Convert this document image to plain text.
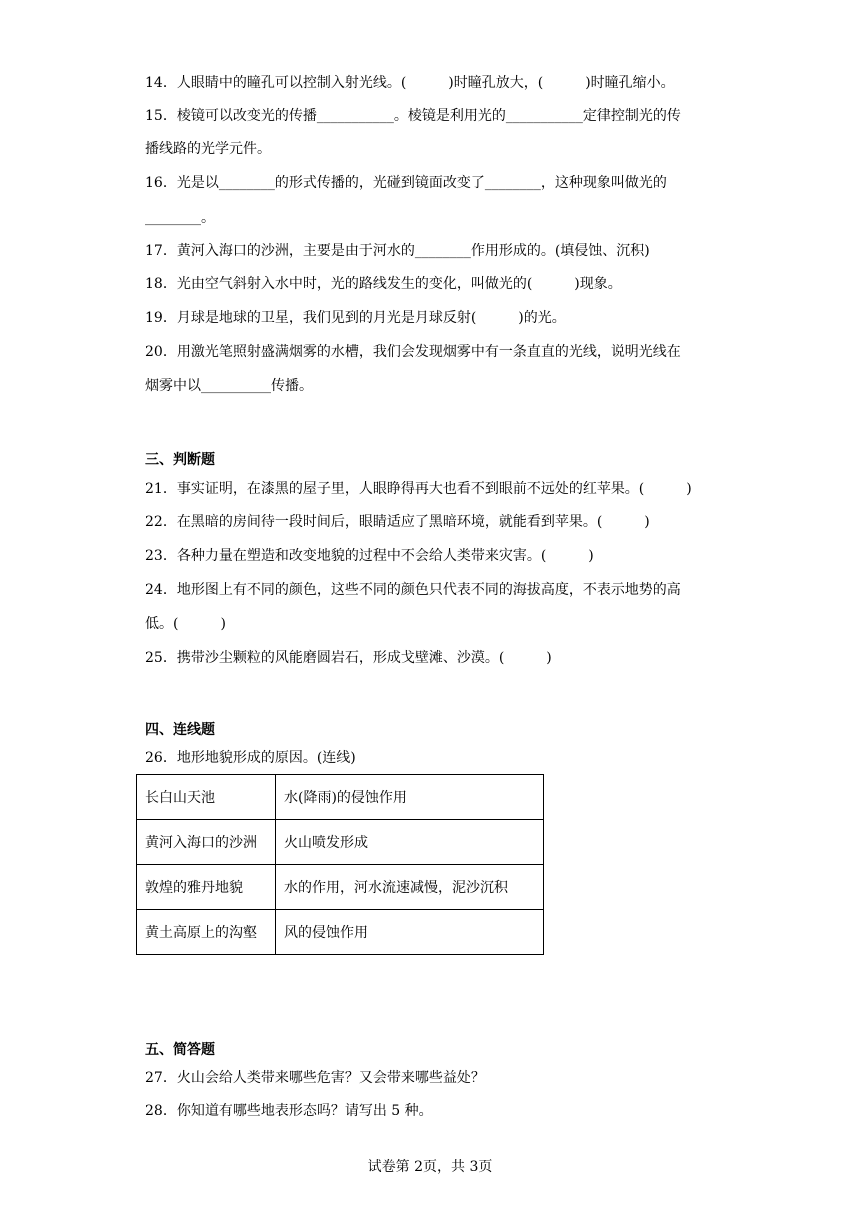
14．人眼睛中的瞳孔可以控制入射光线。(　　　)时瞳孔放大，(　　　)时瞳孔缩小。
15．棱镜可以改变光的传播___________。棱镜是利用光的___________定律控制光的传
播线路的光学元件。
16．光是以________的形式传播的，光碰到镜面改变了________，这种现象叫做光的
________。
17．黄河入海口的沙洲，主要是由于河水的________作用形成的。(填侵蚀、沉积)
18．光由空气斜射入水中时，光的路线发生的变化，叫做光的(　　　)现象。
19．月球是地球的卫星，我们见到的月光是月球反射(　　　)的光。
20．用激光笔照射盛满烟雾的水槽，我们会发现烟雾中有一条直直的光线，说明光线在
烟雾中以__________传播。
三、判断题
21．事实证明，在漆黑的屋子里，人眼睁得再大也看不到眼前不远处的红苹果。(　　　)
22．在黑暗的房间待一段时间后，眼睛适应了黑暗环境，就能看到苹果。(　　　)
23．各种力量在塑造和改变地貌的过程中不会给人类带来灾害。(　　　)
24．地形图上有不同的颜色，这些不同的颜色只代表不同的海拔高度，不表示地势的高
低。(　　　)
25．携带沙尘颗粒的风能磨圆岩石，形成戈壁滩、沙漠。(　　　)
四、连线题
26．地形地貌形成的原因。(连线)
长白山天池	水(降雨)的侵蚀作用
黄河入海口的沙洲	火山喷发形成
敦煌的雅丹地貌	水的作用，河水流速减慢，泥沙沉积
黄土高原上的沟壑	风的侵蚀作用
五、简答题
27．火山会给人类带来哪些危害？又会带来哪些益处？
28．你知道有哪些地表形态吗？请写出 5 种。
试卷第 2页，共 3页
